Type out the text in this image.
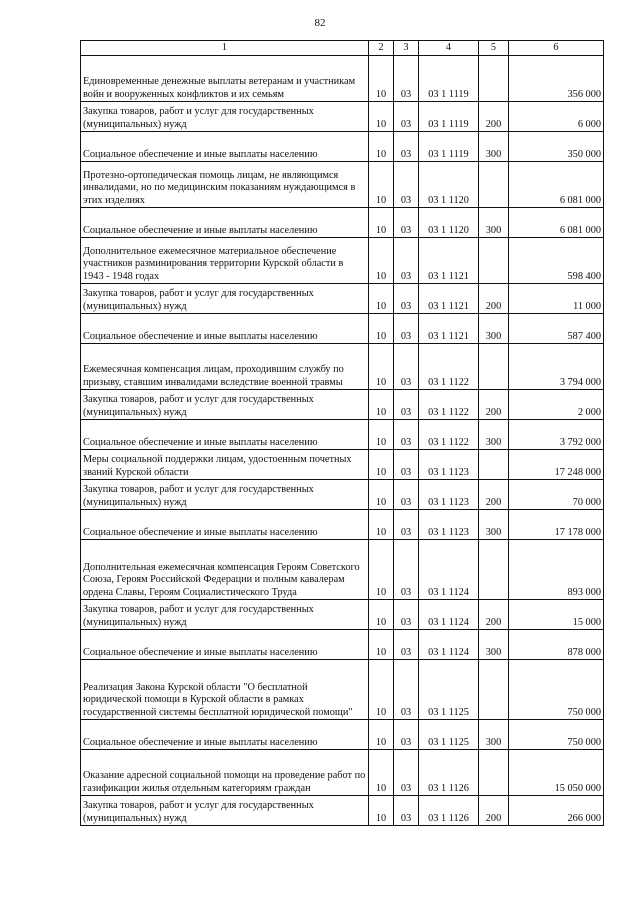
82
1	2	3	4	5	6
Единовременные денежные выплаты ветеранам и участникам войн и вооруженных конфликтов и их семьям	10	03	03 1 1119		356 000
Закупка товаров, работ и услуг для государственных (муниципальных) нужд	10	03	03 1 1119	200	6 000
Социальное обеспечение и иные выплаты населению	10	03	03 1 1119	300	350 000
Протезно-ортопедическая помощь лицам, не являющимся инвалидами, но по медицинским показаниям нуждающимся в этих изделиях	10	03	03 1 1120		6 081 000
Социальное обеспечение и иные выплаты населению	10	03	03 1 1120	300	6 081 000
Дополнительное ежемесячное материальное обеспечение участников разминирования территории Курской области в 1943 - 1948 годах	10	03	03 1 1121		598 400
Закупка товаров, работ и услуг для государственных (муниципальных) нужд	10	03	03 1 1121	200	11 000
Социальное обеспечение и иные выплаты населению	10	03	03 1 1121	300	587 400
Ежемесячная компенсация лицам, проходившим службу по призыву, ставшим инвалидами вследствие военной травмы	10	03	03 1 1122		3 794 000
Закупка товаров, работ и услуг для государственных (муниципальных) нужд	10	03	03 1 1122	200	2 000
Социальное обеспечение и иные выплаты населению	10	03	03 1 1122	300	3 792 000
Меры социальной поддержки лицам, удостоенным почетных званий Курской области	10	03	03 1 1123		17 248 000
Закупка товаров, работ и услуг для государственных (муниципальных) нужд	10	03	03 1 1123	200	70 000
Социальное обеспечение и иные выплаты населению	10	03	03 1 1123	300	17 178 000
Дополнительная ежемесячная компенсация Героям Советского Союза, Героям Российской Федерации и полным кавалерам ордена Славы, Героям Социалистического Труда	10	03	03 1 1124		893 000
Закупка товаров, работ и услуг для государственных (муниципальных) нужд	10	03	03 1 1124	200	15 000
Социальное обеспечение и иные выплаты населению	10	03	03 1 1124	300	878 000
Реализация Закона Курской области "О бесплатной юридической помощи в Курской области в рамках государственной системы бесплатной юридической помощи"	10	03	03 1 1125		750 000
Социальное обеспечение и иные выплаты населению	10	03	03 1 1125	300	750 000
Оказание адресной социальной помощи на проведение работ по газификации жилья отдельным категориям граждан	10	03	03 1 1126		15 050 000
Закупка товаров, работ и услуг для государственных (муниципальных) нужд	10	03	03 1 1126	200	266 000
